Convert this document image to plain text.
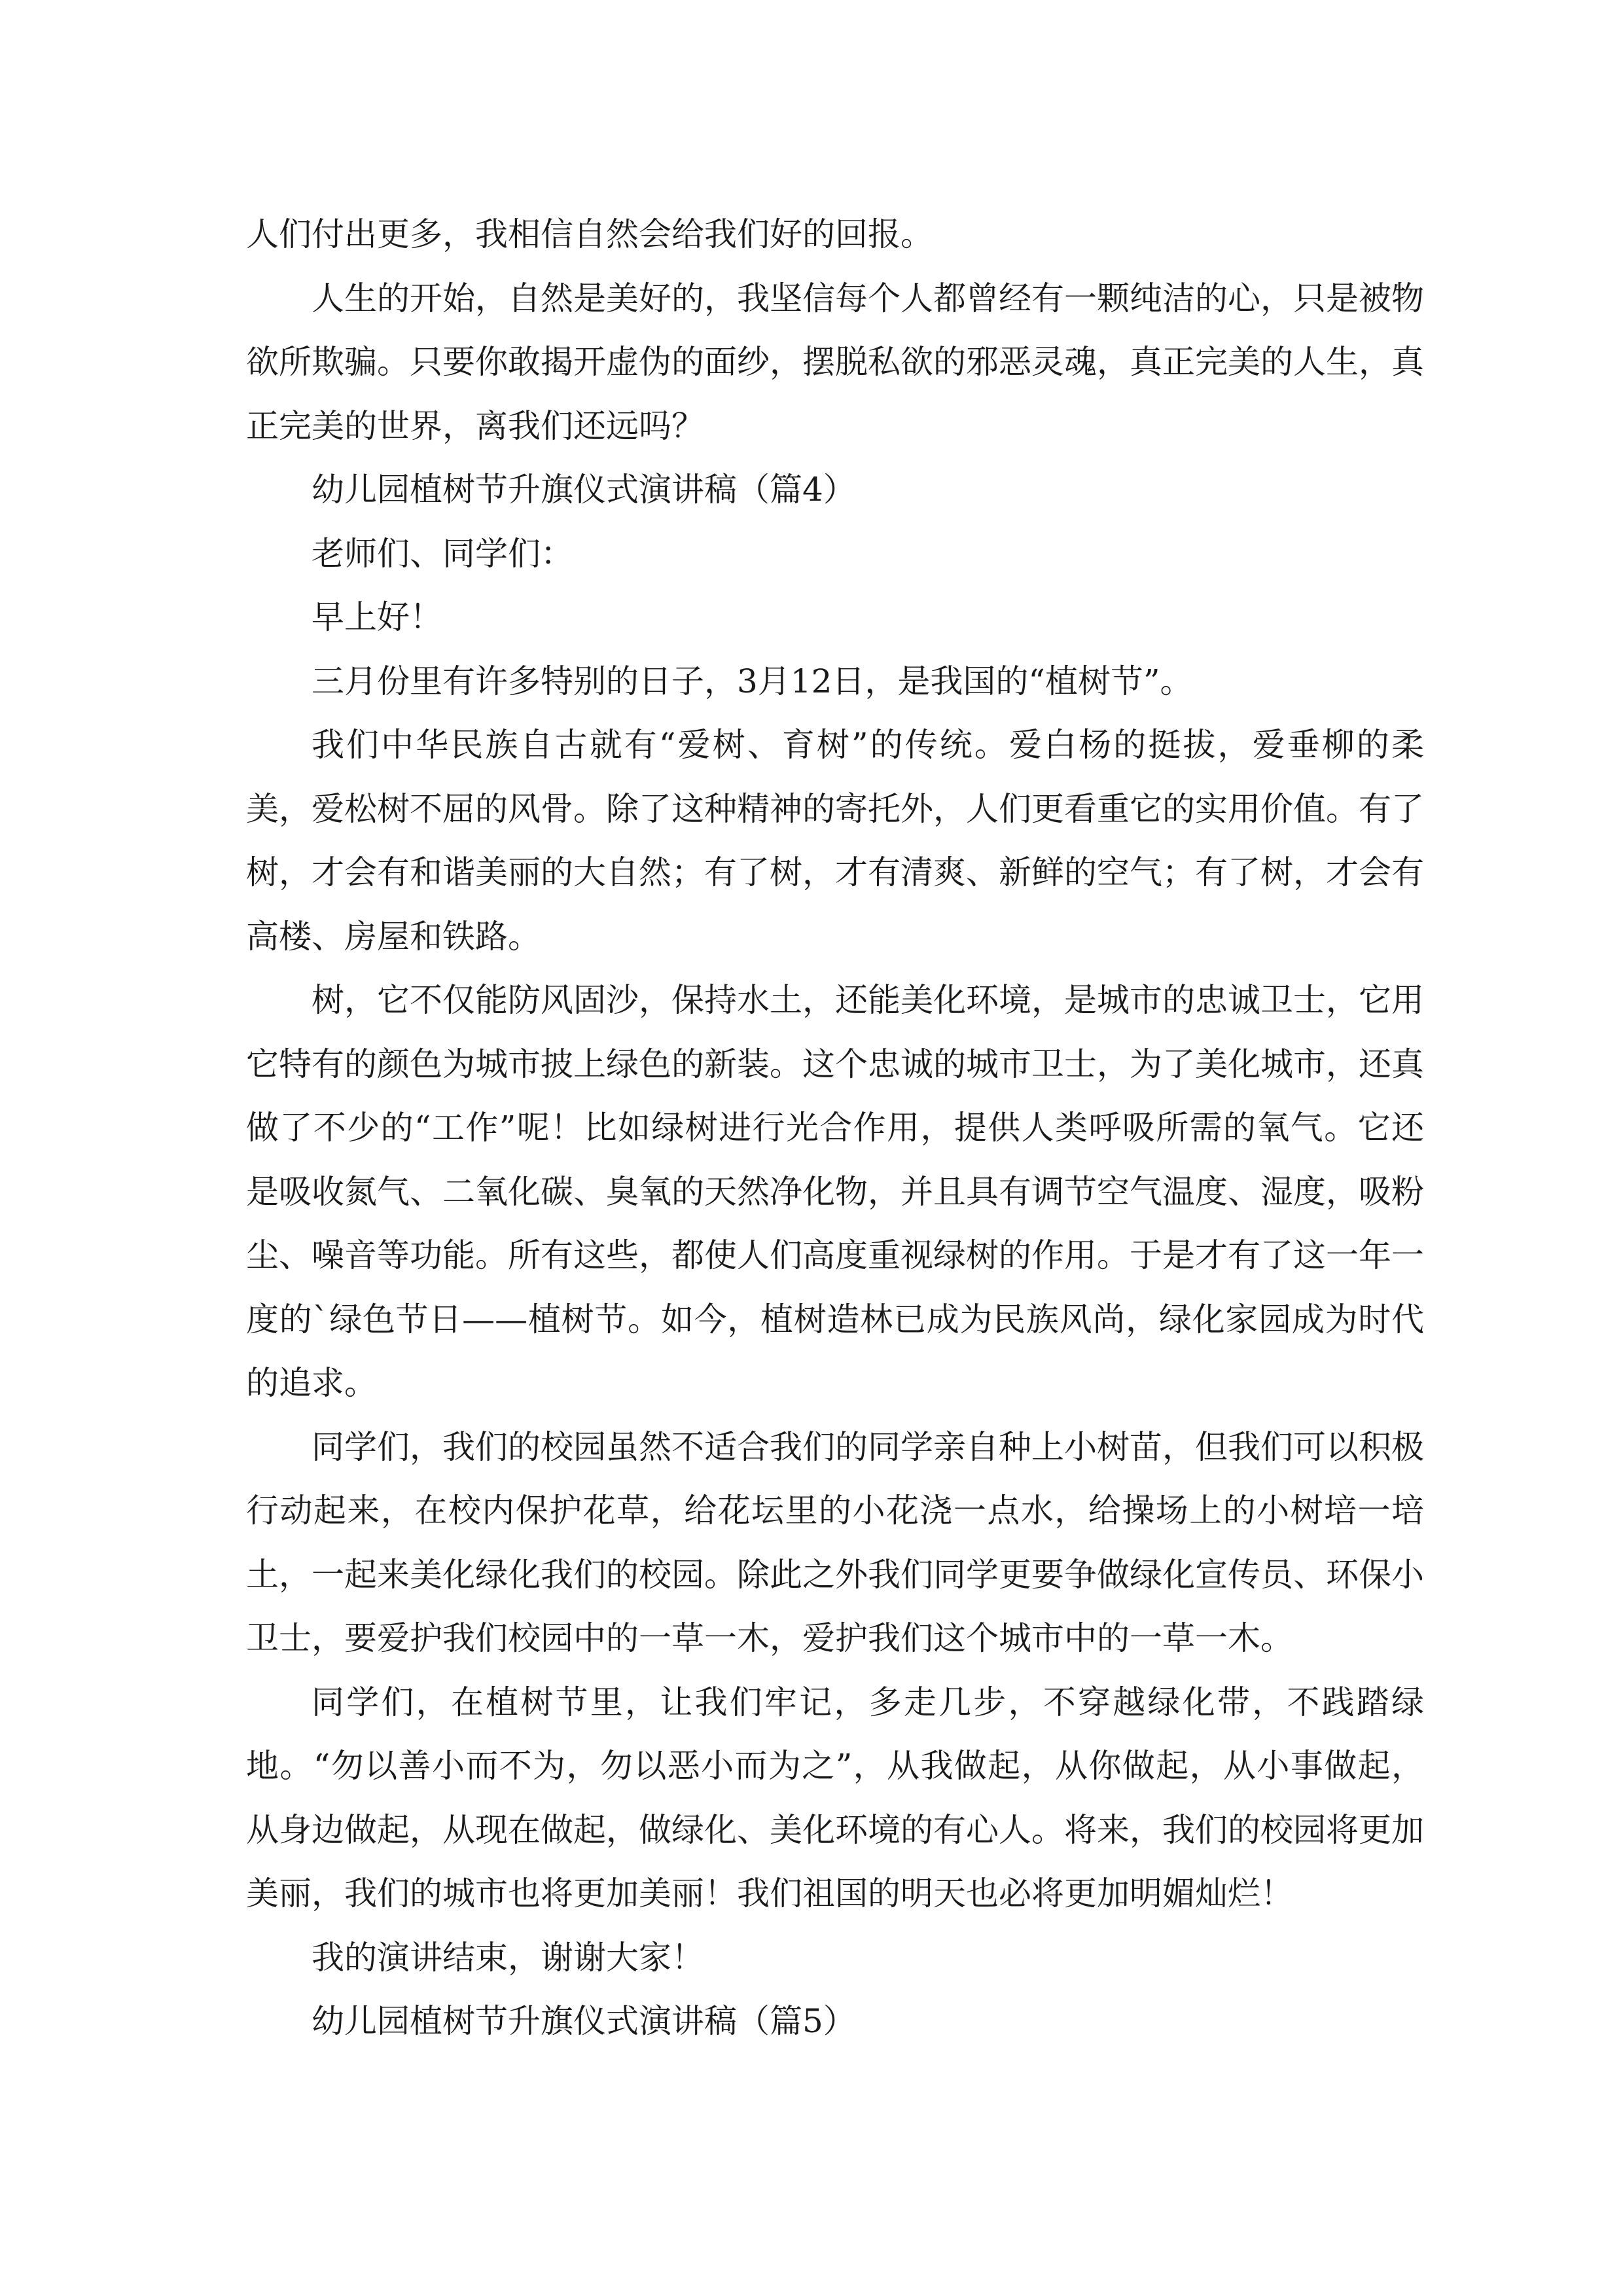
人们付出更多，我相信自然会给我们好的回报。

人生的开始，自然是美好的，我坚信每个人都曾经有一颗纯洁的心，只是被物欲所欺骗。只要你敢揭开虚伪的面纱，摆脱私欲的邪恶灵魂，真正完美的人生，真正完美的世界，离我们还远吗？

幼儿园植树节升旗仪式演讲稿（篇4）

老师们、同学们：

早上好！

三月份里有许多特别的日子，3月12日，是我国的“植树节”。

我们中华民族自古就有“爱树、育树”的传统。爱白杨的挺拔，爱垂柳的柔美，爱松树不屈的风骨。除了这种精神的寄托外，人们更看重它的实用价值。有了树，才会有和谐美丽的大自然；有了树，才有清爽、新鲜的空气；有了树，才会有高楼、房屋和铁路。

树，它不仅能防风固沙，保持水土，还能美化环境，是城市的忠诚卫士，它用它特有的颜色为城市披上绿色的新装。这个忠诚的城市卫士，为了美化城市，还真做了不少的“工作”呢！比如绿树进行光合作用，提供人类呼吸所需的氧气。它还是吸收氮气、二氧化碳、臭氧的天然净化物，并且具有调节空气温度、湿度，吸粉尘、噪音等功能。所有这些，都使人们高度重视绿树的作用。于是才有了这一年一度的`绿色节日——植树节。如今，植树造林已成为民族风尚，绿化家园成为时代的追求。

同学们，我们的校园虽然不适合我们的同学亲自种上小树苗，但我们可以积极行动起来，在校内保护花草，给花坛里的小花浇一点水，给操场上的小树培一培土，一起来美化绿化我们的校园。除此之外我们同学更要争做绿化宣传员、环保小卫士，要爱护我们校园中的一草一木，爱护我们这个城市中的一草一木。

同学们，在植树节里，让我们牢记，多走几步，不穿越绿化带，不践踏绿地。“勿以善小而不为，勿以恶小而为之”，从我做起，从你做起，从小事做起，从身边做起，从现在做起，做绿化、美化环境的有心人。将来，我们的校园将更加美丽，我们的城市也将更加美丽！我们祖国的明天也必将更加明媚灿烂！

我的演讲结束，谢谢大家！

幼儿园植树节升旗仪式演讲稿（篇5）
